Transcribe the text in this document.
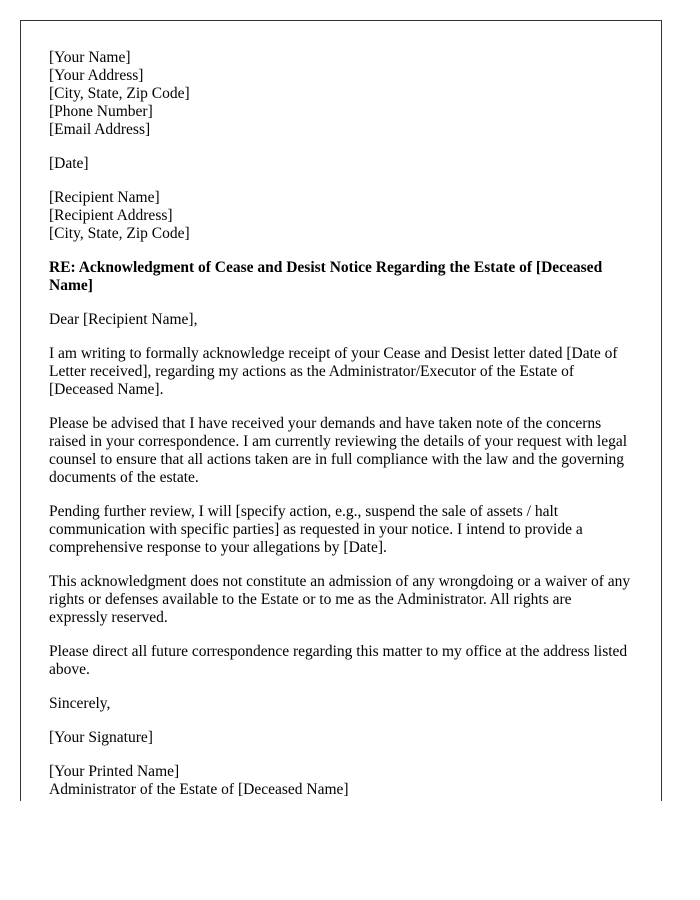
[Your Name]
[Your Address]
[City, State, Zip Code]
[Phone Number]
[Email Address]

[Date]

[Recipient Name]
[Recipient Address]
[City, State, Zip Code]

RE: Acknowledgment of Cease and Desist Notice Regarding the Estate of [Deceased Name]

Dear [Recipient Name],

I am writing to formally acknowledge receipt of your Cease and Desist letter dated [Date of Letter received], regarding my actions as the Administrator/Executor of the Estate of [Deceased Name].

Please be advised that I have received your demands and have taken note of the concerns raised in your correspondence. I am currently reviewing the details of your request with legal counsel to ensure that all actions taken are in full compliance with the law and the governing documents of the estate.

Pending further review, I will [specify action, e.g., suspend the sale of assets / halt communication with specific parties] as requested in your notice. I intend to provide a comprehensive response to your allegations by [Date].

This acknowledgment does not constitute an admission of any wrongdoing or a waiver of any rights or defenses available to the Estate or to me as the Administrator. All rights are expressly reserved.

Please direct all future correspondence regarding this matter to my office at the address listed above.

Sincerely,

[Your Signature]

[Your Printed Name]
Administrator of the Estate of [Deceased Name]
